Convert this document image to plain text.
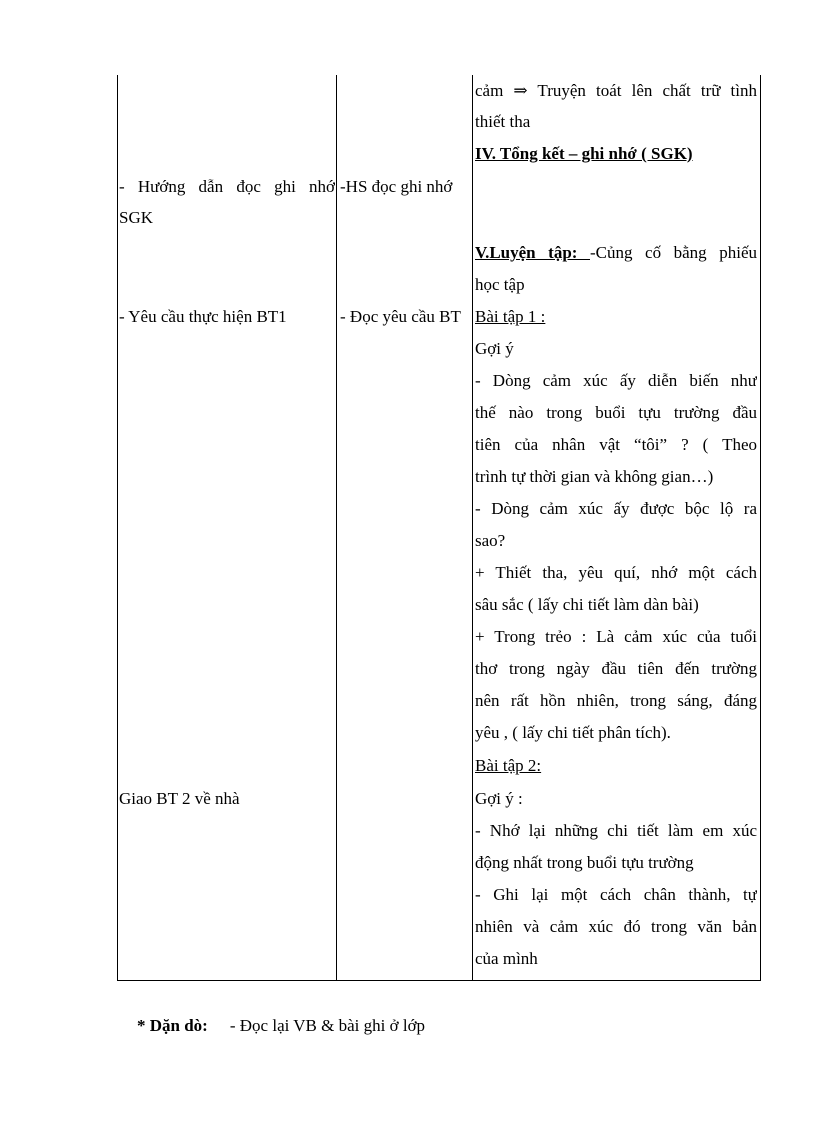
- Hướng dẫn đọc ghi nhớ
SGK
- Yêu cầu thực hiện BT1
Giao BT 2 về nhà
-HS đọc ghi nhớ
- Đọc yêu cầu BT
cảm ⇒ Truyện toát lên chất trữ tình
thiết tha
IV. Tổng kết – ghi nhớ ( SGK)
V.Luyện tập: -Củng cố bằng phiếu
học tập
Bài tập 1 :
Gợi ý
- Dòng cảm xúc ấy diễn biến như
thế nào trong buổi tựu trường đầu
tiên của nhân vật “tôi” ? ( Theo
trình tự thời gian và không gian…)
- Dòng cảm xúc ấy được bộc lộ ra
sao?
+ Thiết tha, yêu quí, nhớ một cách
sâu sắc ( lấy chi tiết làm dàn bài)
+ Trong trẻo : Là cảm xúc của tuổi
thơ trong ngày đầu tiên đến trường
nên rất hồn nhiên, trong sáng, đáng
yêu , ( lấy chi tiết phân tích).
Bài tập 2:
Gợi ý :
- Nhớ lại những chi tiết làm em xúc
động nhất trong buổi tựu trường
- Ghi lại một cách chân thành, tự
nhiên và cảm xúc đó trong văn bản
của mình
* Dặn dò: - Đọc lại VB & bài ghi ở lớp
